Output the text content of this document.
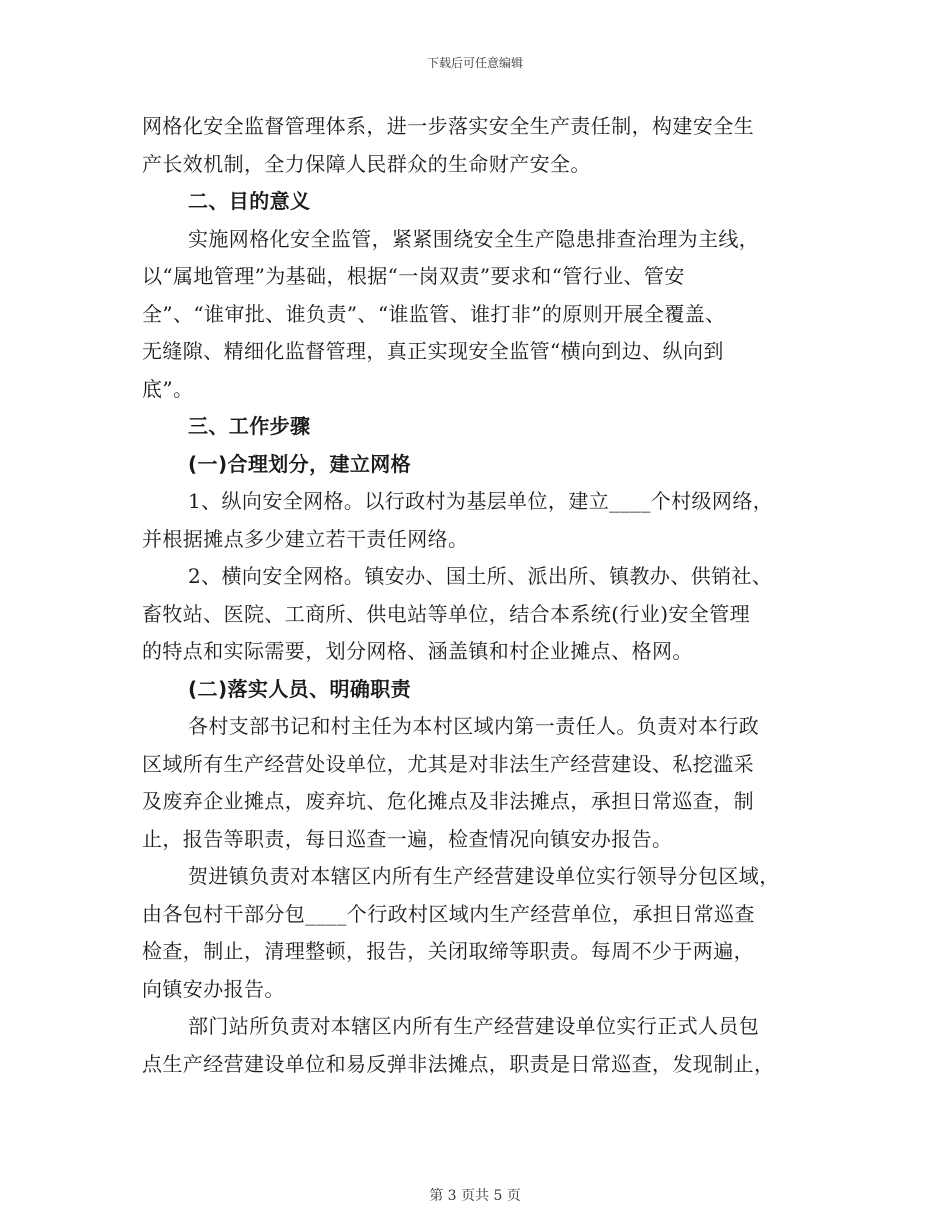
下载后可任意编辑
网格化安全监督管理体系，进一步落实安全生产责任制，构建安全生
产长效机制，全力保障人民群众的生命财产安全。
二、目的意义
实施网格化安全监管，紧紧围绕安全生产隐患排查治理为主线，
以“属地管理”为基础，根据“一岗双责”要求和“管行业、管安
全”、“谁审批、谁负责”、“谁监管、谁打非”的原则开展全覆盖、
无缝隙、精细化监督管理，真正实现安全监管“横向到边、纵向到
底”。
三、工作步骤
(一)合理划分，建立网格
1、纵向安全网格。以行政村为基层单位，建立____个村级网络，
并根据摊点多少建立若干责任网络。
2、横向安全网格。镇安办、国土所、派出所、镇教办、供销社、
畜牧站、医院、工商所、供电站等单位，结合本系统(行业)安全管理
的特点和实际需要，划分网格、涵盖镇和村企业摊点、格网。
(二)落实人员、明确职责
各村支部书记和村主任为本村区域内第一责任人。负责对本行政
区域所有生产经营处设单位，尤其是对非法生产经营建设、私挖滥采
及废弃企业摊点，废弃坑、危化摊点及非法摊点，承担日常巡查，制
止，报告等职责，每日巡查一遍，检查情况向镇安办报告。
贺进镇负责对本辖区内所有生产经营建设单位实行领导分包区域，
由各包村干部分包____个行政村区域内生产经营单位，承担日常巡查
检查，制止，清理整顿，报告，关闭取缔等职责。每周不少于两遍，
向镇安办报告。
部门站所负责对本辖区内所有生产经营建设单位实行正式人员包
点生产经营建设单位和易反弹非法摊点，职责是日常巡查，发现制止，
第 3 页共 5 页
